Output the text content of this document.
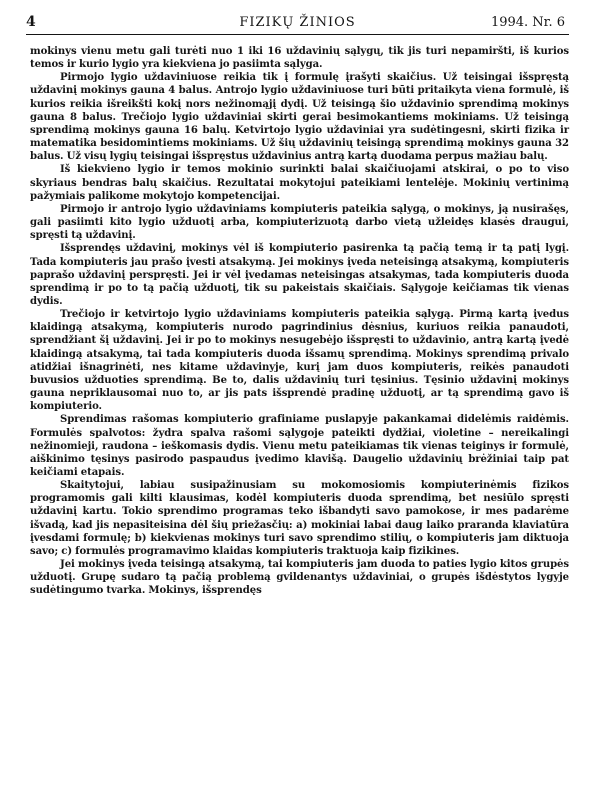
4	FIZIKŲ ŽINIOS	1994. Nr. 6

mokinys vienu metu gali turėti nuo 1 iki 16 uždavinių sąlygų, tik jis turi nepamiršti, iš kurios temos ir kurio lygio yra kiekviena jo pasiimta sąlyga.

Pirmojo lygio uždaviniuose reikia tik į formulę įrašyti skaičius. Už teisingai išspręstą uždavinį mokinys gauna 4 balus. Antrojo lygio uždaviniuose turi būti pritaikyta viena formulė, iš kurios reikia išreikšti kokį nors nežinomąjį dydį. Už teisingą šio uždavinio sprendimą mokinys gauna 8 balus. Trečiojo lygio uždaviniai skirti gerai besimokantiems mokiniams. Už teisingą sprendimą mokinys gauna 16 balų. Ketvirtojo lygio uždaviniai yra sudėtingesni, skirti fizika ir matematika besidomintiems mokiniams. Už šių uždavinių teisingą sprendimą mokinys gauna 32 balus. Už visų lygių teisingai išspręstus uždavinius antrą kartą duodama perpus mažiau balų.

Iš kiekvieno lygio ir temos mokinio surinkti balai skaičiuojami atskirai, o po to viso skyriaus bendras balų skaičius. Rezultatai mokytojui pateikiami lentelėje. Mokinių vertinimą pažymiais palikome mokytojo kompetencijai.

Pirmojo ir antrojo lygio uždaviniams kompiuteris pateikia sąlygą, o mokinys, ją nusirašęs, gali pasiimti kito lygio užduotį arba, kompiuterizuotą darbo vietą užleidęs klasės draugui, spręsti tą uždavinį.

Išsprendęs uždavinį, mokinys vėl iš kompiuterio pasirenka tą pačią temą ir tą patį lygį. Tada kompiuteris jau prašo įvesti atsakymą. Jei mokinys įveda neteisingą atsakymą, kompiuteris paprašo uždavinį perspręsti. Jei ir vėl įvedamas neteisingas atsakymas, tada kompiuteris duoda sprendimą ir po to tą pačią užduotį, tik su pakeistais skaičiais. Sąlygoje keičiamas tik vienas dydis.

Trečiojo ir ketvirtojo lygio uždaviniams kompiuteris pateikia sąlygą. Pirmą kartą įvedus klaidingą atsakymą, kompiuteris nurodo pagrindinius dėsnius, kuriuos reikia panaudoti, sprendžiant šį uždavinį. Jei ir po to mokinys nesugebėjo išspręsti to uždavinio, antrą kartą įvedė klaidingą atsakymą, tai tada kompiuteris duoda išsamų sprendimą. Mokinys sprendimą privalo atidžiai išnagrinėti, nes kitame uždavinyje, kurį jam duos kompiuteris, reikės panaudoti buvusios užduoties sprendimą. Be to, dalis uždavinių turi tęsinius. Tęsinio uždavinį mokinys gauna nepriklausomai nuo to, ar jis pats išsprendė pradinę užduotį, ar tą sprendimą gavo iš kompiuterio.

Sprendimas rašomas kompiuterio grafiniame puslapyje pakankamai didelėmis raidėmis. Formulės spalvotos: žydra spalva rašomi sąlygoje pateikti dydžiai, violetine – nereikalingi nežinomieji, raudona – ieškomasis dydis. Vienu metu pateikiamas tik vienas teiginys ir formulė, aiškinimo tęsinys pasirodo paspaudus įvedimo klavišą. Daugelio uždavinių brėžiniai taip pat keičiami etapais.

Skaitytojui, labiau susipažinusiam su mokomosiomis kompiuterinėmis fizikos programomis gali kilti klausimas, kodėl kompiuteris duoda sprendimą, bet nesiūlo spręsti uždavinį kartu. Tokio sprendimo programas teko išbandyti savo pamokose, ir mes padarėme išvadą, kad jis nepasiteisina dėl šių priežasčių: a) mokiniai labai daug laiko praranda klaviatūra įvesdami formulę; b) kiekvienas mokinys turi savo sprendimo stilių, o kompiuteris jam diktuoja savo; c) formulės programavimo klaidas kompiuteris traktuoja kaip fizikines.

Jei mokinys įveda teisingą atsakymą, tai kompiuteris jam duoda to paties lygio kitos grupės užduotį. Grupę sudaro tą pačią problemą gvildenantys uždaviniai, o grupės išdėstytos lygyje sudėtingumo tvarka. Mokinys, išsprendęs
